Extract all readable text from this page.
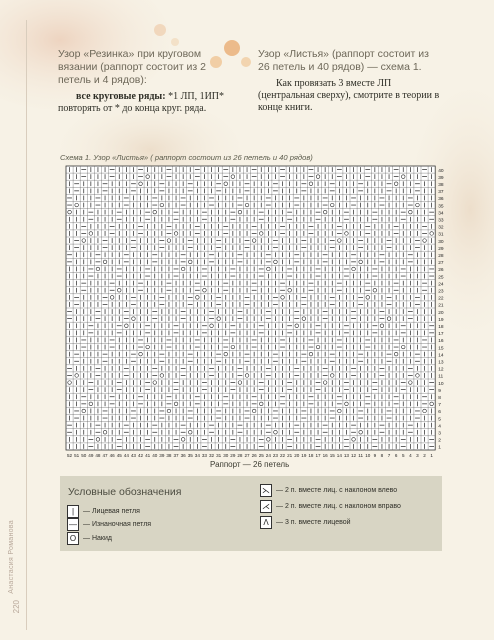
Анастасия Романова
220
Узор «Резинка» при круговом вязании (раппорт состоит из 2 петель и 4 рядов):
все круговые ряды: *1 ЛП, 1ИП*
повторять от * до конца круг. ряда.
Узор «Листья» (раппорт состоит из 26 петель и 40 рядов) — схема 1.
Как провязать 3 вместе ЛП (центральная сверху), смотрите в теории в конце книги.
Схема 1. Узор «Листья» ( раппорт состоит из 26 петель и 40 рядов)
52 51 50 49 48 47 46 45 44 43 42 41 40 39 38 37 36 35 34 33 32 31 30 29 28 27 26 25 24 23 22 21 20 19 18 17 16 15 14 13 12 11 10 9 8 7 6 5 4 3 2 1
40
39
38
37
36
35
34
33
32
31
30
29
28
27
26
25
24
23
22
21
20
19
18
17
16
15
14
13
12
11
10
9
8
7
6
5
4
3
2
1
Раппорт — 26 петель
Условные обозначения
|	— Лицевая петля
— — Изнаночная петля
O — Накид
⋋ — 2 п. вместе лиц. с наклоном влево
⋌ — 2 п. вместе лиц. с наклоном вправо
Λ	— 3 п. вместе лицевой
